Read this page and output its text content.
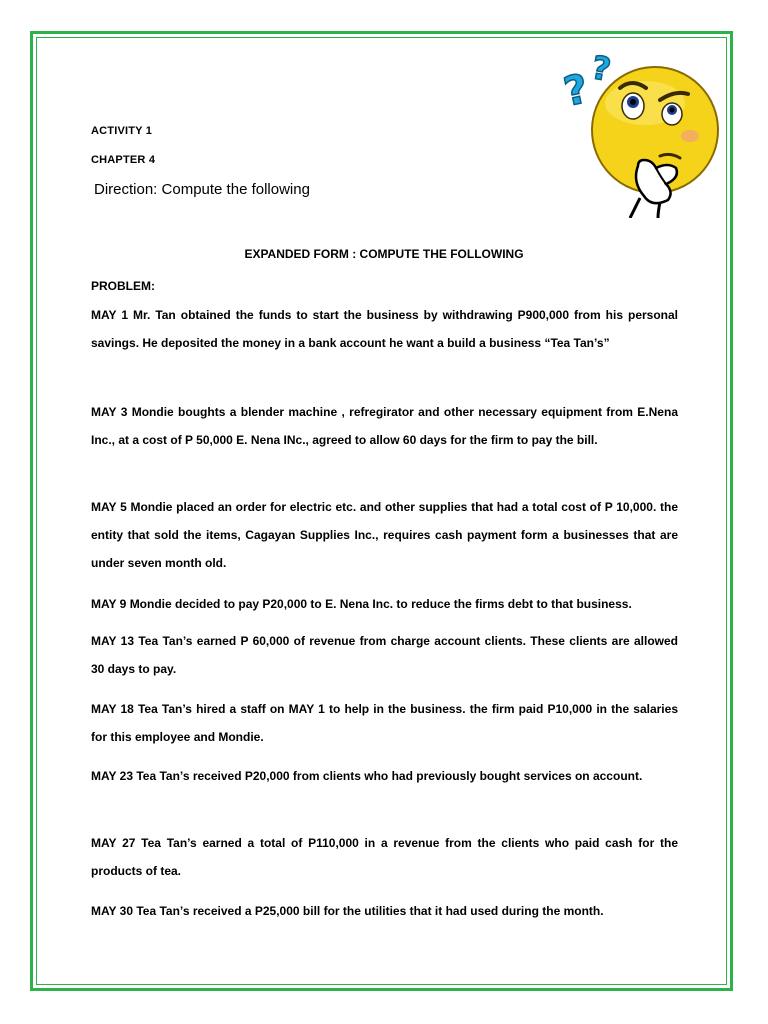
ACTIVITY 1
CHAPTER 4
Direction: Compute the following
?
?
EXPANDED FORM : COMPUTE THE FOLLOWING
PROBLEM:

MAY 1 Mr. Tan obtained the funds to start the business by withdrawing P900,000 from his personal savings. He deposited the money in a bank account he want a build a business “Tea Tan’s”

MAY 3 Mondie boughts a blender machine , refregirator and other necessary equipment from E.Nena Inc., at a cost of P 50,000 E. Nena INc., agreed to allow 60 days for the firm to pay the bill.

MAY 5 Mondie placed an order for electric etc. and other supplies that had a total cost of P 10,000. the entity that sold the items, Cagayan Supplies Inc., requires cash payment form a businesses that are under seven month old.

MAY 9 Mondie decided to pay P20,000 to E. Nena Inc. to reduce the firms debt to that business.

MAY 13 Tea Tan’s earned P 60,000 of revenue from charge account clients. These clients are allowed 30 days to pay.

MAY 18 Tea Tan’s hired a staff on MAY 1 to help in the business. the firm paid P10,000 in the salaries for this employee and Mondie.

MAY 23 Tea Tan’s received P20,000 from clients who had previously bought services on account.

MAY 27 Tea Tan’s earned a total of P110,000 in a revenue from the clients who paid cash for the products of tea.

MAY 30 Tea Tan’s received a P25,000 bill for the utilities that it had used during the month.
